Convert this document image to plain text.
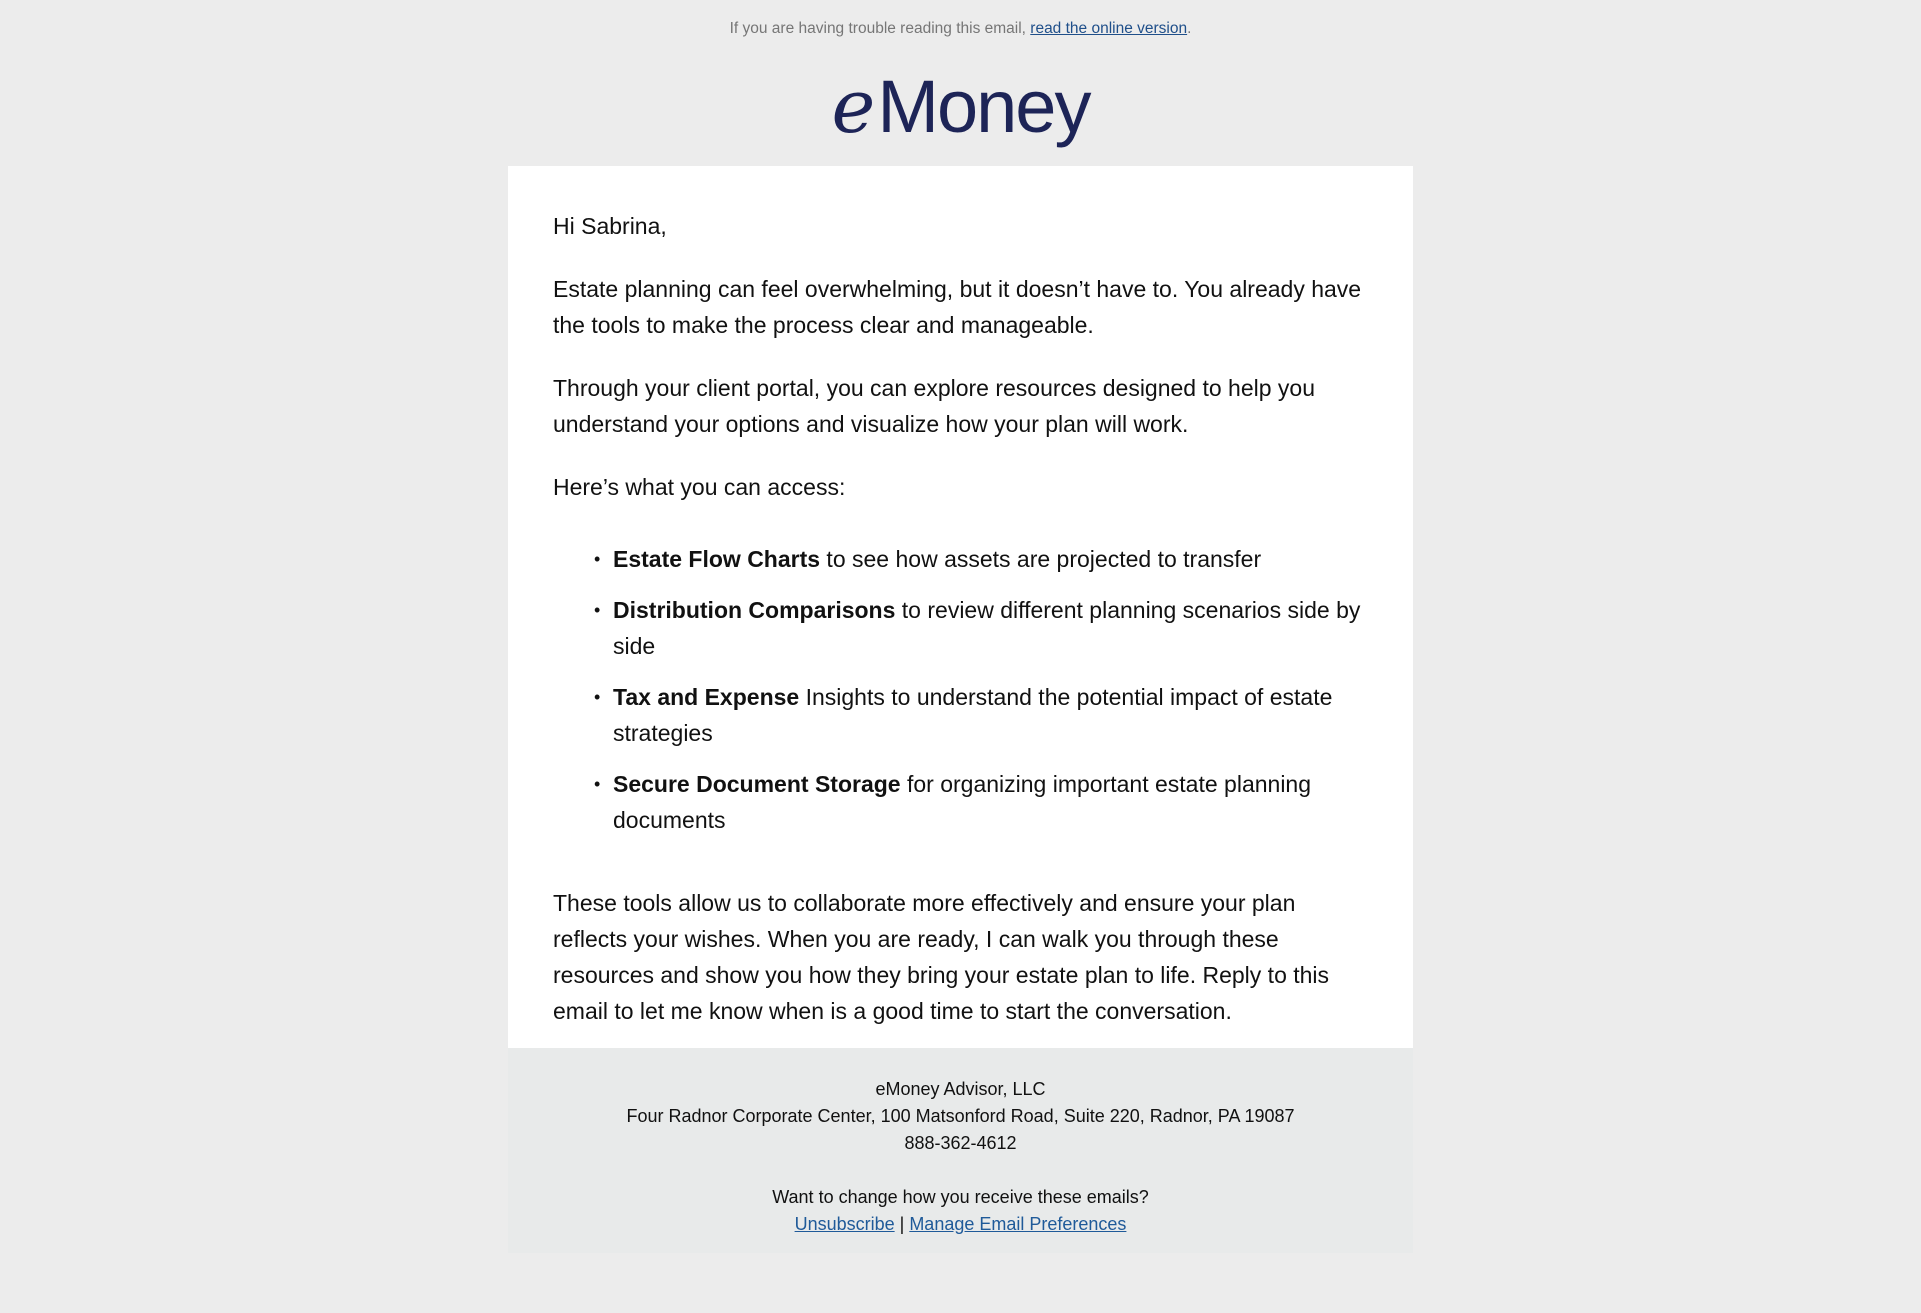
If you are having trouble reading this email, read the online version.
eMoney

Hi Sabrina,

Estate planning can feel overwhelming, but it doesn’t have to. You already have the tools to make the process clear and manageable.

Through your client portal, you can explore resources designed to help you understand your options and visualize how your plan will work.

Here’s what you can access:

• Estate Flow Charts to see how assets are projected to transfer
• Distribution Comparisons to review different planning scenarios side by side
• Tax and Expense Insights to understand the potential impact of estate strategies
• Secure Document Storage for organizing important estate planning documents

These tools allow us to collaborate more effectively and ensure your plan reflects your wishes. When you are ready, I can walk you through these resources and show you how they bring your estate plan to life. Reply to this email to let me know when is a good time to start the conversation.

eMoney Advisor, LLC
Four Radnor Corporate Center, 100 Matsonford Road, Suite 220, Radnor, PA 19087
888-362-4612
Want to change how you receive these emails?
Unsubscribe | Manage Email Preferences
